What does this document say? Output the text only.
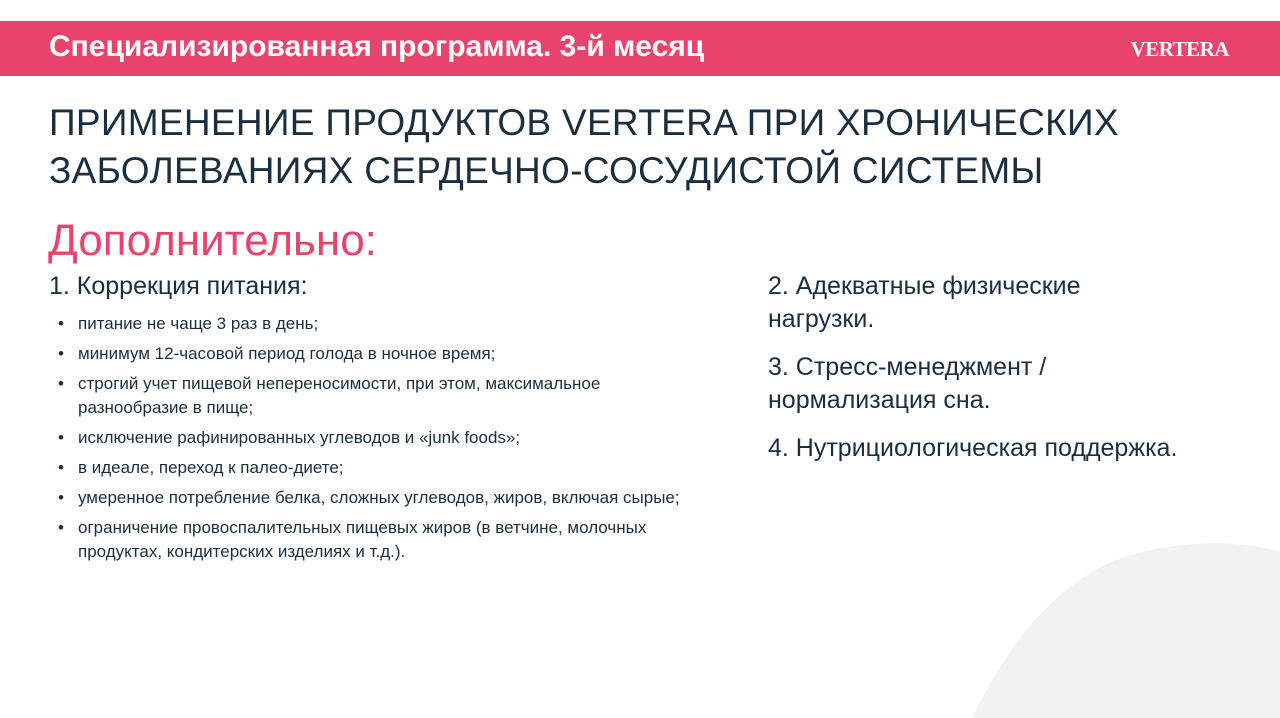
Специализированная программа. 3-й месяц	VERTERA
ПРИМЕНЕНИЕ ПРОДУКТОВ VERTERA ПРИ ХРОНИЧЕСКИХ
ЗАБОЛЕВАНИЯХ СЕРДЕЧНО-СОСУДИСТОЙ СИСТЕМЫ
Дополнительно:
1. Коррекция питания:
• питание не чаще 3 раз в день;
• минимум 12-часовой период голода в ночное время;
• строгий учет пищевой непереносимости, при этом, максимальное разнообразие в пище;
• исключение рафинированных углеводов и «junk foods»;
• в идеале, переход к палео-диете;
• умеренное потребление белка, сложных углеводов, жиров, включая сырые;
• ограничение провоспалительных пищевых жиров (в ветчине, молочных продуктах, кондитерских изделиях и т.д.).
2. Адекватные физические нагрузки.
3. Стресс-менеджмент / нормализация сна.
4. Нутрициологическая поддержка.
